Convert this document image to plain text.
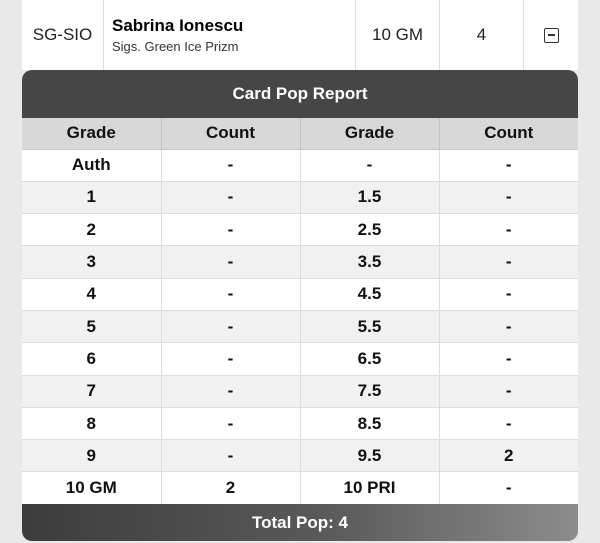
SG-SIO Sabrina Ionescu
Sigs. Green Ice Prizm
10 GM	4
Card Pop Report
Grade	Count	Grade	Count
Auth	-	-	-
1	-	1.5	-
2	-	2.5	-
3	-	3.5	-
4	-	4.5	-
5	-	5.5	-
6	-	6.5	-
7	-	7.5	-
8	-	8.5	-
9	-	9.5	2
10 GM	2	10 PRI	-
Total Pop: 4
